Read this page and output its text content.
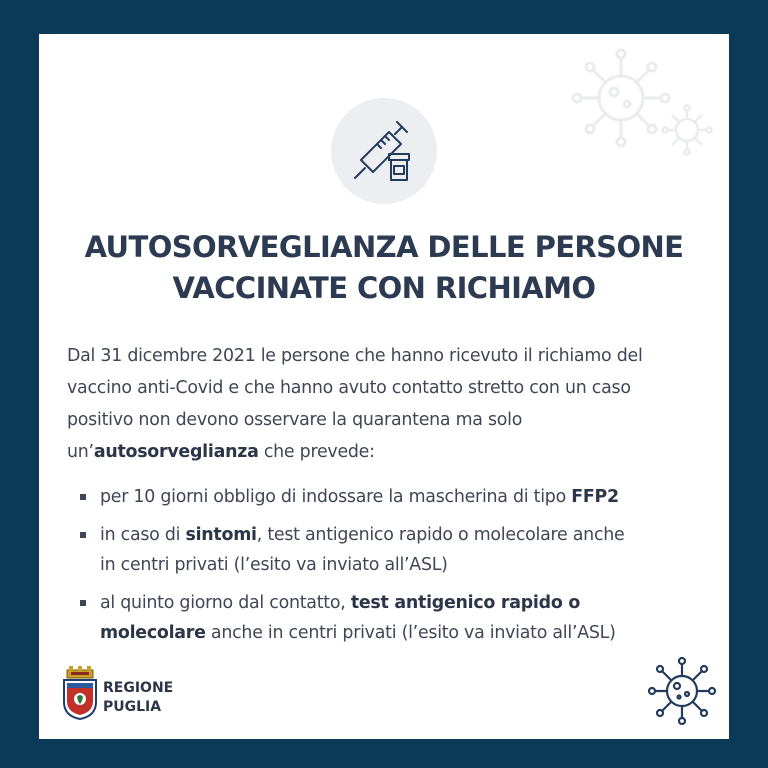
AUTOSORVEGLIANZA DELLE PERSONE
VACCINATE CON RICHIAMO
Dal 31 dicembre 2021 le persone che hanno ricevuto il richiamo del
vaccino anti-Covid e che hanno avuto contatto stretto con un caso
positivo non devono osservare la quarantena ma solo
un’autosorveglianza che prevede:
per 10 giorni obbligo di indossare la mascherina di tipo FFP2
in caso di sintomi, test antigenico rapido o molecolare anche
in centri privati (l’esito va inviato all’ASL)
al quinto giorno dal contatto, test antigenico rapido o
molecolare anche in centri privati (l’esito va inviato all’ASL)
REGIONE
PUGLIA
